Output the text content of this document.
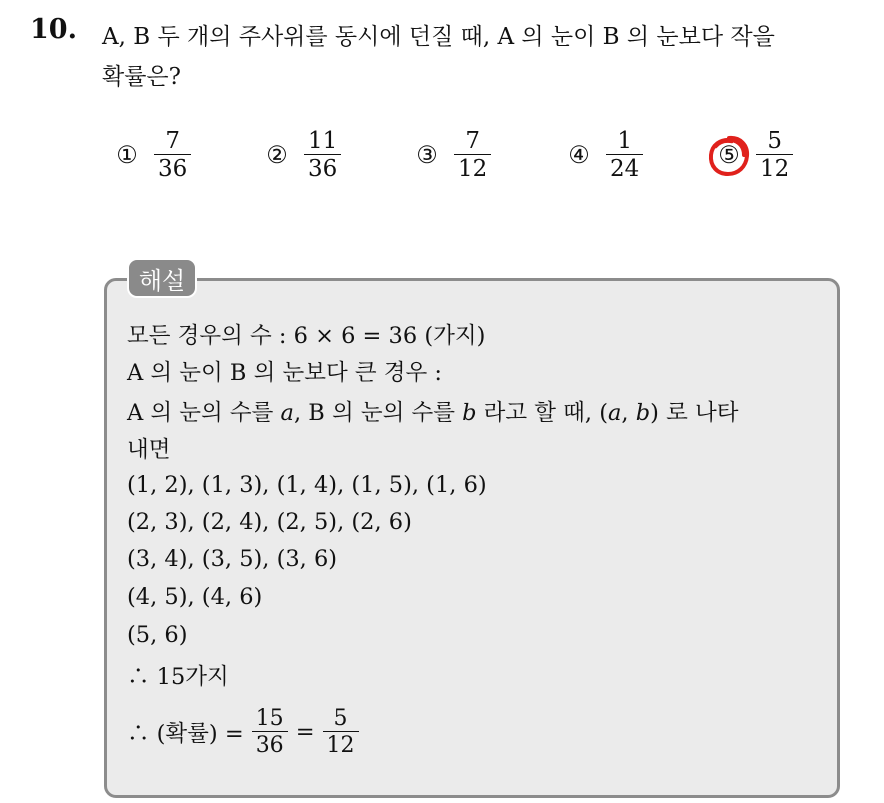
10. A, B 두 개의 주사위를 동시에 던질 때, A 의 눈이 B 의 눈보다 작을
확률은?
① $\frac{7}{36}$	② $\frac{11}{36}$	③ $\frac{7}{12}$	④ $\frac{1}{24}$	⑤ $\frac{5}{12}$
해설
모든 경우의 수 : 6 × 6 = 36 (가지)
A 의 눈이 B 의 눈보다 큰 경우 :
A 의 눈의 수를 a, B 의 눈의 수를 b 라고 할 때, (a, b) 로 나타
내면
(1, 2), (1, 3), (1, 4), (1, 5), (1, 6)
(2, 3), (2, 4), (2, 5), (2, 6)
(3, 4), (3, 5), (3, 6)
(4, 5), (4, 6)
(5, 6)
∴ 15가지
∴ (확률) = $\frac{15}{36} = \frac{5}{12}$
